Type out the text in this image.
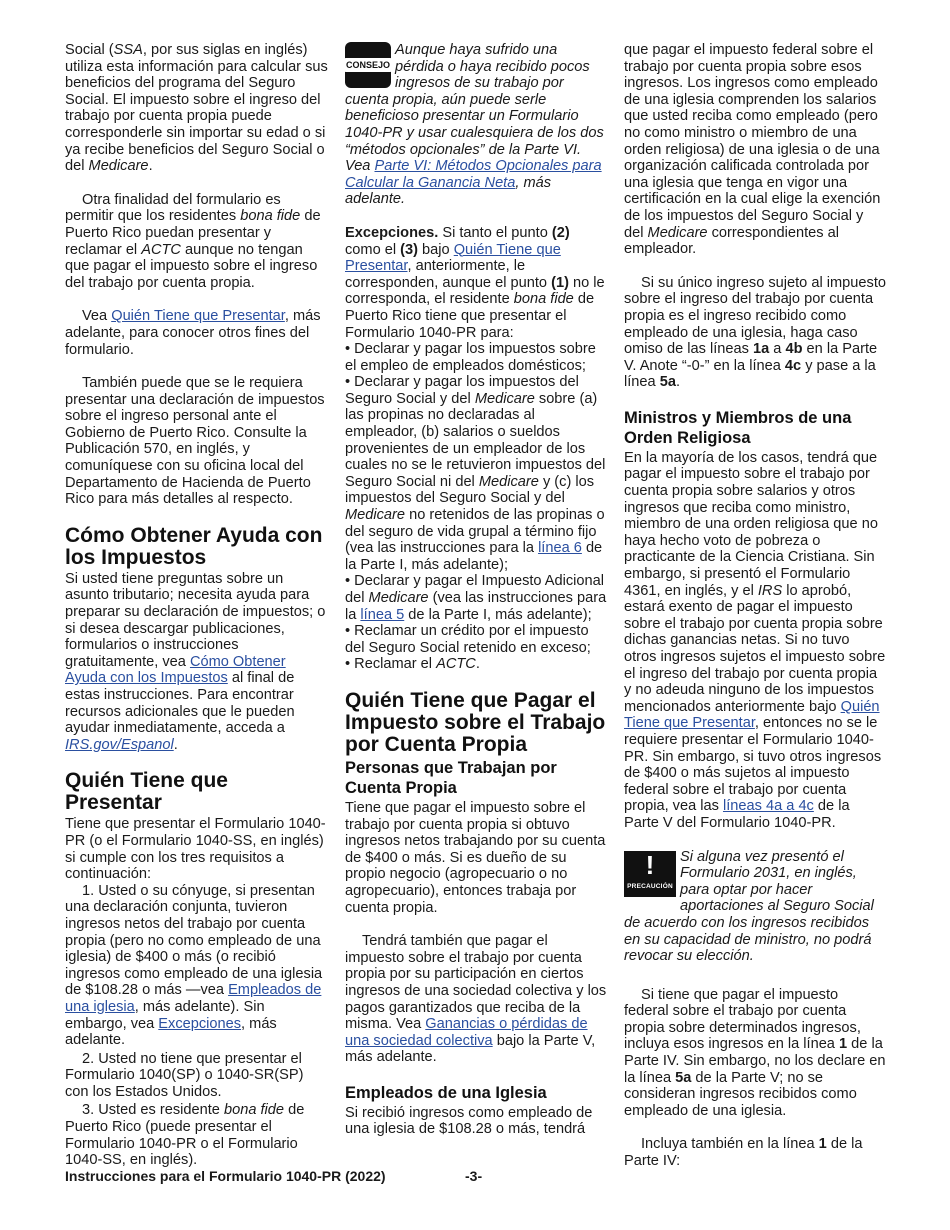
Social (SSA, por sus siglas en inglés) utiliza esta información para calcular sus beneficios del programa del Seguro Social. El impuesto sobre el ingreso del trabajo por cuenta propia puede corresponderle sin importar su edad o si ya recibe beneficios del Seguro Social o del Medicare.

Otra finalidad del formulario es permitir que los residentes bona fide de Puerto Rico puedan presentar y reclamar el ACTC aunque no tengan que pagar el impuesto sobre el ingreso del trabajo por cuenta propia.

Vea Quién Tiene que Presentar, más adelante, para conocer otros fines del formulario.

También puede que se le requiera presentar una declaración de impuestos sobre el ingreso personal ante el Gobierno de Puerto Rico. Consulte la Publicación 570, en inglés, y comuníquese con su oficina local del Departamento de Hacienda de Puerto Rico para más detalles al respecto.

Cómo Obtener Ayuda con los Impuestos

Si usted tiene preguntas sobre un asunto tributario; necesita ayuda para preparar su declaración de impuestos; o si desea descargar publicaciones, formularios o instrucciones gratuitamente, vea Cómo Obtener Ayuda con los Impuestos al final de estas instrucciones. Para encontrar recursos adicionales que le pueden ayudar inmediatamente, acceda a IRS.gov/Espanol.

Quién Tiene que Presentar

Tiene que presentar el Formulario 1040-PR (o el Formulario 1040-SS, en inglés) si cumple con los tres requisitos a continuación:

1. Usted o su cónyuge, si presentan una declaración conjunta, tuvieron ingresos netos del trabajo por cuenta propia (pero no como empleado de una iglesia) de $400 o más (o recibió ingresos como empleado de una iglesia de $108.28 o más —vea Empleados de una iglesia, más adelante). Sin embargo, vea Excepciones, más adelante.
2. Usted no tiene que presentar el Formulario 1040(SP) o 1040-SR(SP) con los Estados Unidos.
3. Usted es residente bona fide de Puerto Rico (puede presentar el Formulario 1040-PR o el Formulario 1040-SS, en inglés).
CONSEJO
Aunque haya sufrido una pérdida o haya recibido pocos ingresos de su trabajo por cuenta propia, aún puede serle beneficioso presentar un Formulario 1040-PR y usar cualesquiera de los dos “métodos opcionales” de la Parte VI. Vea Parte VI: Métodos Opcionales para Calcular la Ganancia Neta, más adelante.

Excepciones. Si tanto el punto (2) como el (3) bajo Quién Tiene que Presentar, anteriormente, le corresponden, aunque el punto (1) no le corresponda, el residente bona fide de Puerto Rico tiene que presentar el Formulario 1040-PR para:

• Declarar y pagar los impuestos sobre el empleo de empleados domésticos;
• Declarar y pagar los impuestos del Seguro Social y del Medicare sobre (a) las propinas no declaradas al empleador, (b) salarios o sueldos provenientes de un empleador de los cuales no se le retuvieron impuestos del Seguro Social ni del Medicare y (c) los impuestos del Seguro Social y del Medicare no retenidos de las propinas o del seguro de vida grupal a término fijo (vea las instrucciones para la línea 6 de la Parte I, más adelante);
• Declarar y pagar el Impuesto Adicional del Medicare (vea las instrucciones para la línea 5 de la Parte I, más adelante);
• Reclamar un crédito por el impuesto del Seguro Social retenido en exceso;
• Reclamar el ACTC.
Quién Tiene que Pagar el Impuesto sobre el Trabajo por Cuenta Propia
Personas que Trabajan por Cuenta Propia

Tiene que pagar el impuesto sobre el trabajo por cuenta propia si obtuvo ingresos netos trabajando por su cuenta de $400 o más. Si es dueño de su propio negocio (agropecuario o no agropecuario), entonces trabaja por cuenta propia.

Tendrá también que pagar el impuesto sobre el trabajo por cuenta propia por su participación en ciertos ingresos de una sociedad colectiva y los pagos garantizados que reciba de la misma. Vea Ganancias o pérdidas de una sociedad colectiva bajo la Parte V, más adelante.

Empleados de una Iglesia

Si recibió ingresos como empleado de una iglesia de $108.28 o más, tendrá

que pagar el impuesto federal sobre el trabajo por cuenta propia sobre esos ingresos. Los ingresos como empleado de una iglesia comprenden los salarios que usted reciba como empleado (pero no como ministro o miembro de una orden religiosa) de una iglesia o de una organización calificada controlada por una iglesia que tenga en vigor una certificación en la cual elige la exención de los impuestos del Seguro Social y del Medicare correspondientes al empleador.

Si su único ingreso sujeto al impuesto sobre el ingreso del trabajo por cuenta propia es el ingreso recibido como empleado de una iglesia, haga caso omiso de las líneas 1a a 4b en la Parte V. Anote “-0-” en la línea 4c y pase a la línea 5a.

Ministros y Miembros de una Orden Religiosa

En la mayoría de los casos, tendrá que pagar el impuesto sobre el trabajo por cuenta propia sobre salarios y otros ingresos que reciba como ministro, miembro de una orden religiosa que no haya hecho voto de pobreza o practicante de la Ciencia Cristiana. Sin embargo, si presentó el Formulario 4361, en inglés, y el IRS lo aprobó, estará exento de pagar el impuesto sobre el trabajo por cuenta propia sobre dichas ganancias netas. Si no tuvo otros ingresos sujetos el impuesto sobre el ingreso del trabajo por cuenta propia y no adeuda ninguno de los impuestos mencionados anteriormente bajo Quién Tiene que Presentar, entonces no se le requiere presentar el Formulario 1040-PR. Sin embargo, si tuvo otros ingresos de $400 o más sujetos al impuesto federal sobre el trabajo por cuenta propia, vea las líneas 4a a 4c de la Parte V del Formulario 1040-PR.

!
PRECAUCIÓN
Si alguna vez presentó el Formulario 2031, en inglés, para optar por hacer aportaciones al Seguro Social de acuerdo con los ingresos recibidos en su capacidad de ministro, no podrá revocar su elección.

Si tiene que pagar el impuesto federal sobre el trabajo por cuenta propia sobre determinados ingresos, incluya esos ingresos en la línea 1 de la Parte IV. Sin embargo, no los declare en la línea 5a de la Parte V; no se consideran ingresos recibidos como empleado de una iglesia.

Incluya también en la línea 1 de la Parte IV:

Instrucciones para el Formulario 1040-PR (2022)	-3-
